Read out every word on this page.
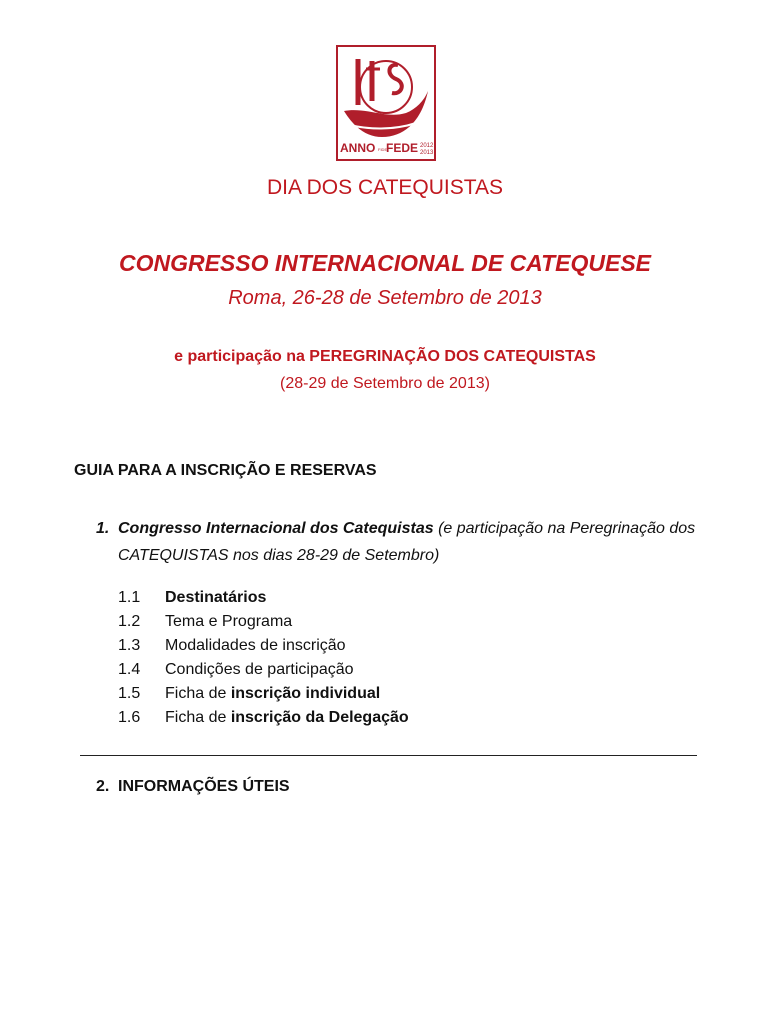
ANNO FIDEI
FEDE 2012
2013
DIA DOS CATEQUISTAS
CONGRESSO INTERNACIONAL DE CATEQUESE
Roma, 26-28 de Setembro de 2013
e participação na PEREGRINAÇÃO DOS CATEQUISTAS
(28-29 de Setembro de 2013)
GUIA PARA A INSCRIÇÃO E RESERVAS
1. Congresso Internacional dos Catequistas (e participação na Peregrinação dos CATEQUISTAS nos dias 28-29 de Setembro)
1.1	Destinatários
1.2	Tema e Programa
1.3	Modalidades de inscrição
1.4	Condições de participação
1.5	Ficha de inscrição individual
1.6	Ficha de inscrição da Delegação
2. INFORMAÇÕES ÚTEIS
